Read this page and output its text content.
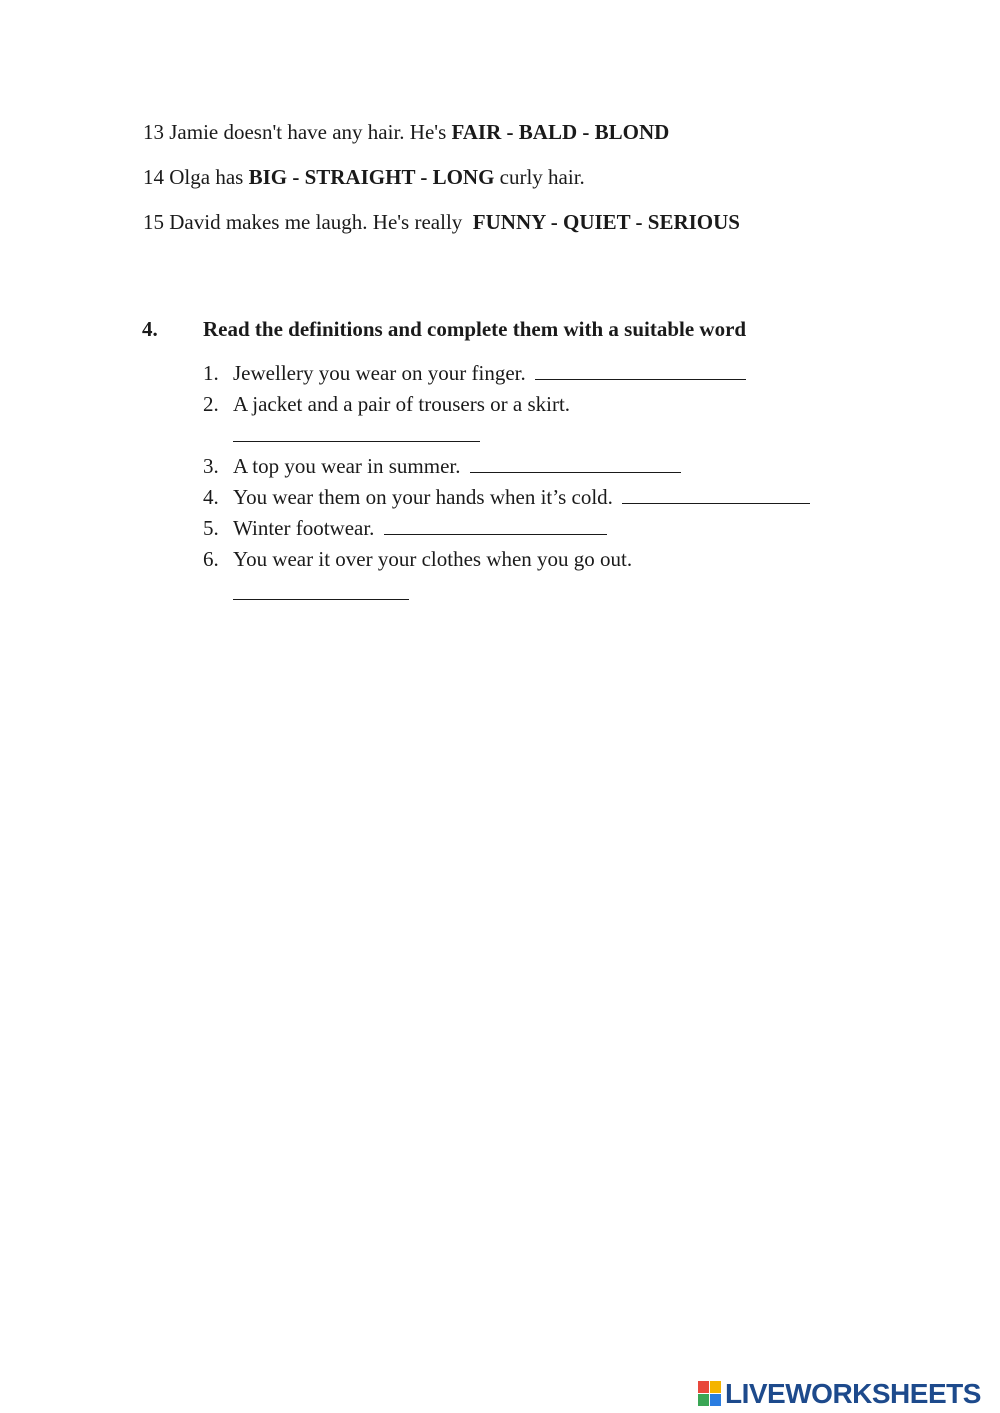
13 Jamie doesn't have any hair. He's FAIR - BALD - BLOND
14 Olga has BIG - STRAIGHT - LONG curly hair.
15 David makes me laugh. He's really  FUNNY - QUIET - SERIOUS
4. Read the definitions and complete them with a suitable word
1. Jewellery you wear on your finger.
2. A jacket and a pair of trousers or a skirt.
3. A top you wear in summer.
4. You wear them on your hands when it’s cold.
5. Winter footwear.
6. You wear it over your clothes when you go out.
LIVEWORKSHEETS
